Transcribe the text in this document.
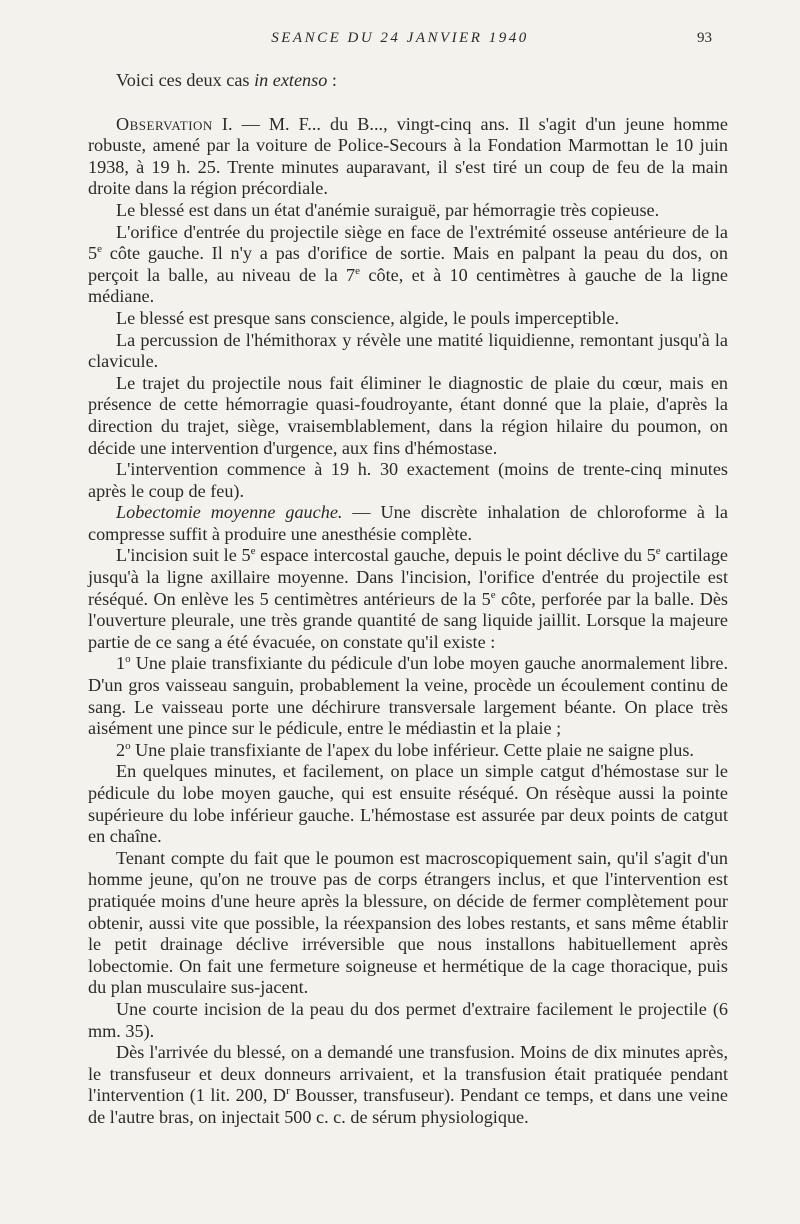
SEANCE DU 24 JANVIER 1940	93

Voici ces deux cas in extenso :

Observation I. — M. F... du B..., vingt-cinq ans. Il s'agit d'un jeune homme robuste, amené par la voiture de Police-Secours à la Fondation Marmottan le 10 juin 1938, à 19 h. 25. Trente minutes auparavant, il s'est tiré un coup de feu de la main droite dans la région précordiale.

Le blessé est dans un état d'anémie suraiguë, par hémorragie très copieuse.

L'orifice d'entrée du projectile siège en face de l'extrémité osseuse antérieure de la 5e côte gauche. Il n'y a pas d'orifice de sortie. Mais en palpant la peau du dos, on perçoit la balle, au niveau de la 7e côte, et à 10 centimètres à gauche de la ligne médiane.

Le blessé est presque sans conscience, algide, le pouls imperceptible.

La percussion de l'hémithorax y révèle une matité liquidienne, remontant jusqu'à la clavicule.

Le trajet du projectile nous fait éliminer le diagnostic de plaie du cœur, mais en présence de cette hémorragie quasi-foudroyante, étant donné que la plaie, d'après la direction du trajet, siège, vraisemblablement, dans la région hilaire du poumon, on décide une intervention d'urgence, aux fins d'hémostase.

L'intervention commence à 19 h. 30 exactement (moins de trente-cinq minutes après le coup de feu).

Lobectomie moyenne gauche. — Une discrète inhalation de chloroforme à la compresse suffit à produire une anesthésie complète.

L'incision suit le 5e espace intercostal gauche, depuis le point déclive du 5e cartilage jusqu'à la ligne axillaire moyenne. Dans l'incision, l'orifice d'entrée du projectile est réséqué. On enlève les 5 centimètres antérieurs de la 5e côte, perforée par la balle. Dès l'ouverture pleurale, une très grande quantité de sang liquide jaillit. Lorsque la majeure partie de ce sang a été évacuée, on constate qu'il existe :

1$^o$ Une plaie transfixiante du pédicule d'un lobe moyen gauche anormalement libre. D'un gros vaisseau sanguin, probablement la veine, procède un écoulement continu de sang. Le vaisseau porte une déchirure transversale largement béante. On place très aisément une pince sur le pédicule, entre le médiastin et la plaie ;

2$^o$ Une plaie transfixiante de l'apex du lobe inférieur. Cette plaie ne saigne plus.

En quelques minutes, et facilement, on place un simple catgut d'hémostase sur le pédicule du lobe moyen gauche, qui est ensuite réséqué. On résèque aussi la pointe supérieure du lobe inférieur gauche. L'hémostase est assurée par deux points de catgut en chaîne.

Tenant compte du fait que le poumon est macroscopiquement sain, qu'il s'agit d'un homme jeune, qu'on ne trouve pas de corps étrangers inclus, et que l'intervention est pratiquée moins d'une heure après la blessure, on décide de fermer complètement pour obtenir, aussi vite que possible, la réexpansion des lobes restants, et sans même établir le petit drainage déclive irréversible que nous installons habituellement après lobectomie. On fait une fermeture soigneuse et hermétique de la cage thoracique, puis du plan musculaire sus-jacent.

Une courte incision de la peau du dos permet d'extraire facilement le projectile (6 mm. 35).

Dès l'arrivée du blessé, on a demandé une transfusion. Moins de dix minutes après, le transfuseur et deux donneurs arrivaient, et la transfusion était pratiquée pendant l'intervention (1 lit. 200, $D^r$ Bousser, transfuseur). Pendant ce temps, et dans une veine de l'autre bras, on injectait 500 c. c. de sérum physiologique.
